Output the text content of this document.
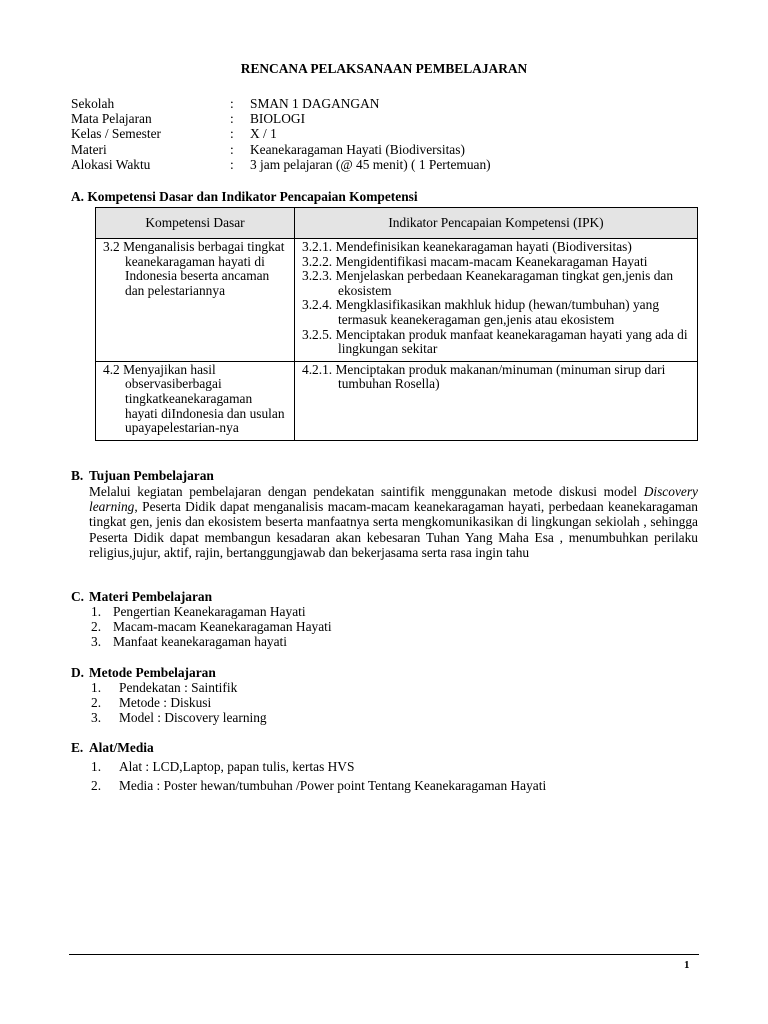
RENCANA PELAKSANAAN PEMBELAJARAN
Sekolah	:	SMAN 1 DAGANGAN
Mata Pelajaran	:	BIOLOGI
Kelas / Semester	:	X / 1
Materi	:	Keanekaragaman Hayati (Biodiversitas)
Alokasi Waktu	:	3 jam pelajaran (@ 45 menit) ( 1 Pertemuan)
A. Kompetensi Dasar dan Indikator Pencapaian Kompetensi
Kompetensi Dasar	Indikator Pencapaian Kompetensi (IPK)

3.2 Menganalisis berbagai tingkat keanekaragaman hayati di Indonesia beserta ancaman dan pelestariannya	3.2.1. Mendefinisikan keanekaragaman hayati (Biodiversitas)
3.2.2. Mengidentifikasi macam-macam Keanekaragaman Hayati
3.2.3. Menjelaskan perbedaan Keanekaragaman tingkat gen,jenis dan ekosistem
3.2.4. Mengklasifikasikan makhluk hidup (hewan/tumbuhan) yang termasuk keanekeragaman gen,jenis atau ekosistem
3.2.5. Menciptakan produk manfaat keanekaragaman hayati yang ada di lingkungan sekitar

4.2 Menyajikan hasil observasiberbagai tingkatkeanekaragaman hayati diIndonesia dan usulan upayapelestarian-nya	4.2.1. Menciptakan produk makanan/minuman (minuman sirup dari tumbuhan Rosella)
B. Tujuan Pembelajaran
Melalui kegiatan pembelajaran dengan pendekatan saintifik menggunakan metode diskusi model Discovery learning, Peserta Didik dapat menganalisis macam-macam keanekaragaman hayati, perbedaan keanekaragaman tingkat gen, jenis dan ekosistem beserta manfaatnya serta mengkomunikasikan di lingkungan sekiolah , sehingga Peserta Didik dapat membangun kesadaran akan kebesaran Tuhan Yang Maha Esa , menumbuhkan perilaku religius,jujur, aktif, rajin, bertanggungjawab dan bekerjasama serta rasa ingin tahu
C. Materi Pembelajaran
1. Pengertian Keanekaragaman Hayati
2. Macam-macam Keanekaragaman Hayati
3. Manfaat keanekaragaman hayati
D. Metode Pembelajaran
1.	Pendekatan : Saintifik
2.	Metode : Diskusi
3.	Model : Discovery learning
E. Alat/Media
1.	Alat : LCD,Laptop, papan tulis, kertas HVS
2.	Media : Poster hewan/tumbuhan /Power point Tentang Keanekaragaman Hayati
1
